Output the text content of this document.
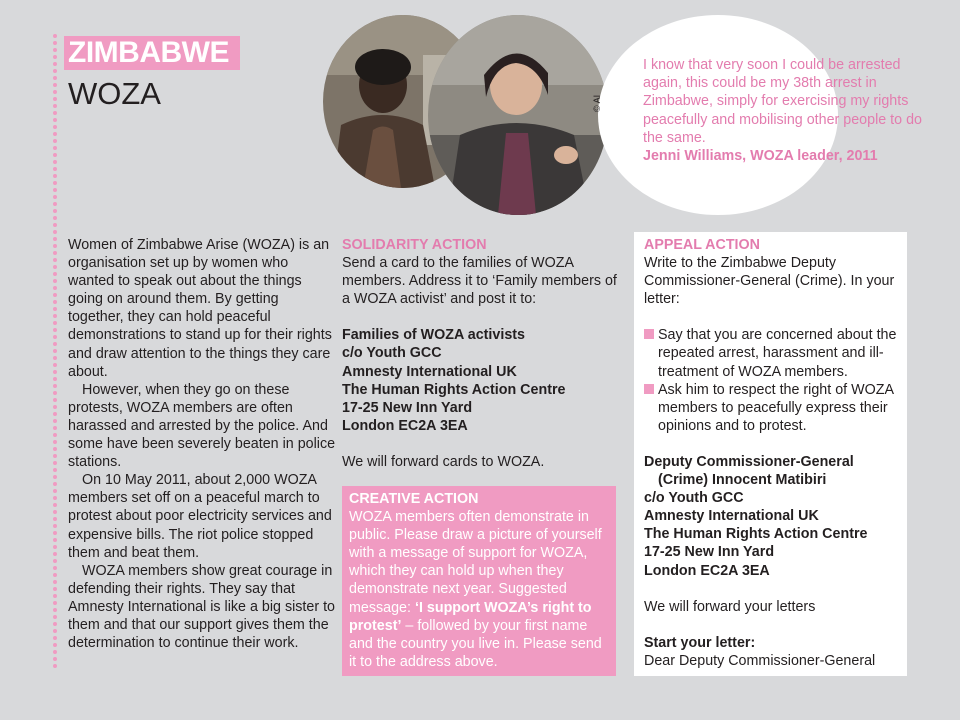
ZIMBABWE
WOZA	© AI
I know that very soon I could be arrested again, this could be my 38th arrest in Zimbabwe, simply for exercising my rights peacefully and mobilising other people to do the same.
Jenni Williams, WOZA leader, 2011

Women of Zimbabwe Arise (WOZA) is an organisation set up by women who wanted to speak out about the things going on around them. By getting together, they can hold peaceful demonstrations to stand up for their rights and draw attention to the things they care about.

However, when they go on these protests, WOZA members are often harassed and arrested by the police. And some have been severely beaten in police stations.

On 10 May 2011, about 2,000 WOZA members set off on a peaceful march to protest about poor electricity services and expensive bills. The riot police stopped them and beat them.

WOZA members show great courage in defending their rights. They say that Amnesty International is like a big sister to them and that our support gives them the determination to continue their work.

SOLIDARITY ACTION

Send a card to the families of WOZA members. Address it to ‘Family members of a WOZA activist’ and post it to:

Families of WOZA activists

c/o Youth GCC

Amnesty International UK

The Human Rights Action Centre

17-25 New Inn Yard

London EC2A 3EA

We will forward cards to WOZA.

CREATIVE ACTION

WOZA members often demonstrate in public. Please draw a picture of yourself with a message of support for WOZA, which they can hold up when they demonstrate next year. Suggested message: ‘I support WOZA’s right to protest’ – followed by your first name and the country you live in. Please send it to the address above.

APPEAL ACTION

Write to the Zimbabwe Deputy Commissioner-General (Crime). In your letter:

Say that you are concerned about the repeated arrest, harassment and ill-treatment of WOZA members.
Ask him to respect the right of WOZA members to peacefully express their opinions and to protest.

Deputy Commissioner-General

(Crime) Innocent Matibiri

c/o Youth GCC

Amnesty International UK

The Human Rights Action Centre

17-25 New Inn Yard

London EC2A 3EA

We will forward your letters

Start your letter:

Dear Deputy Commissioner-General
